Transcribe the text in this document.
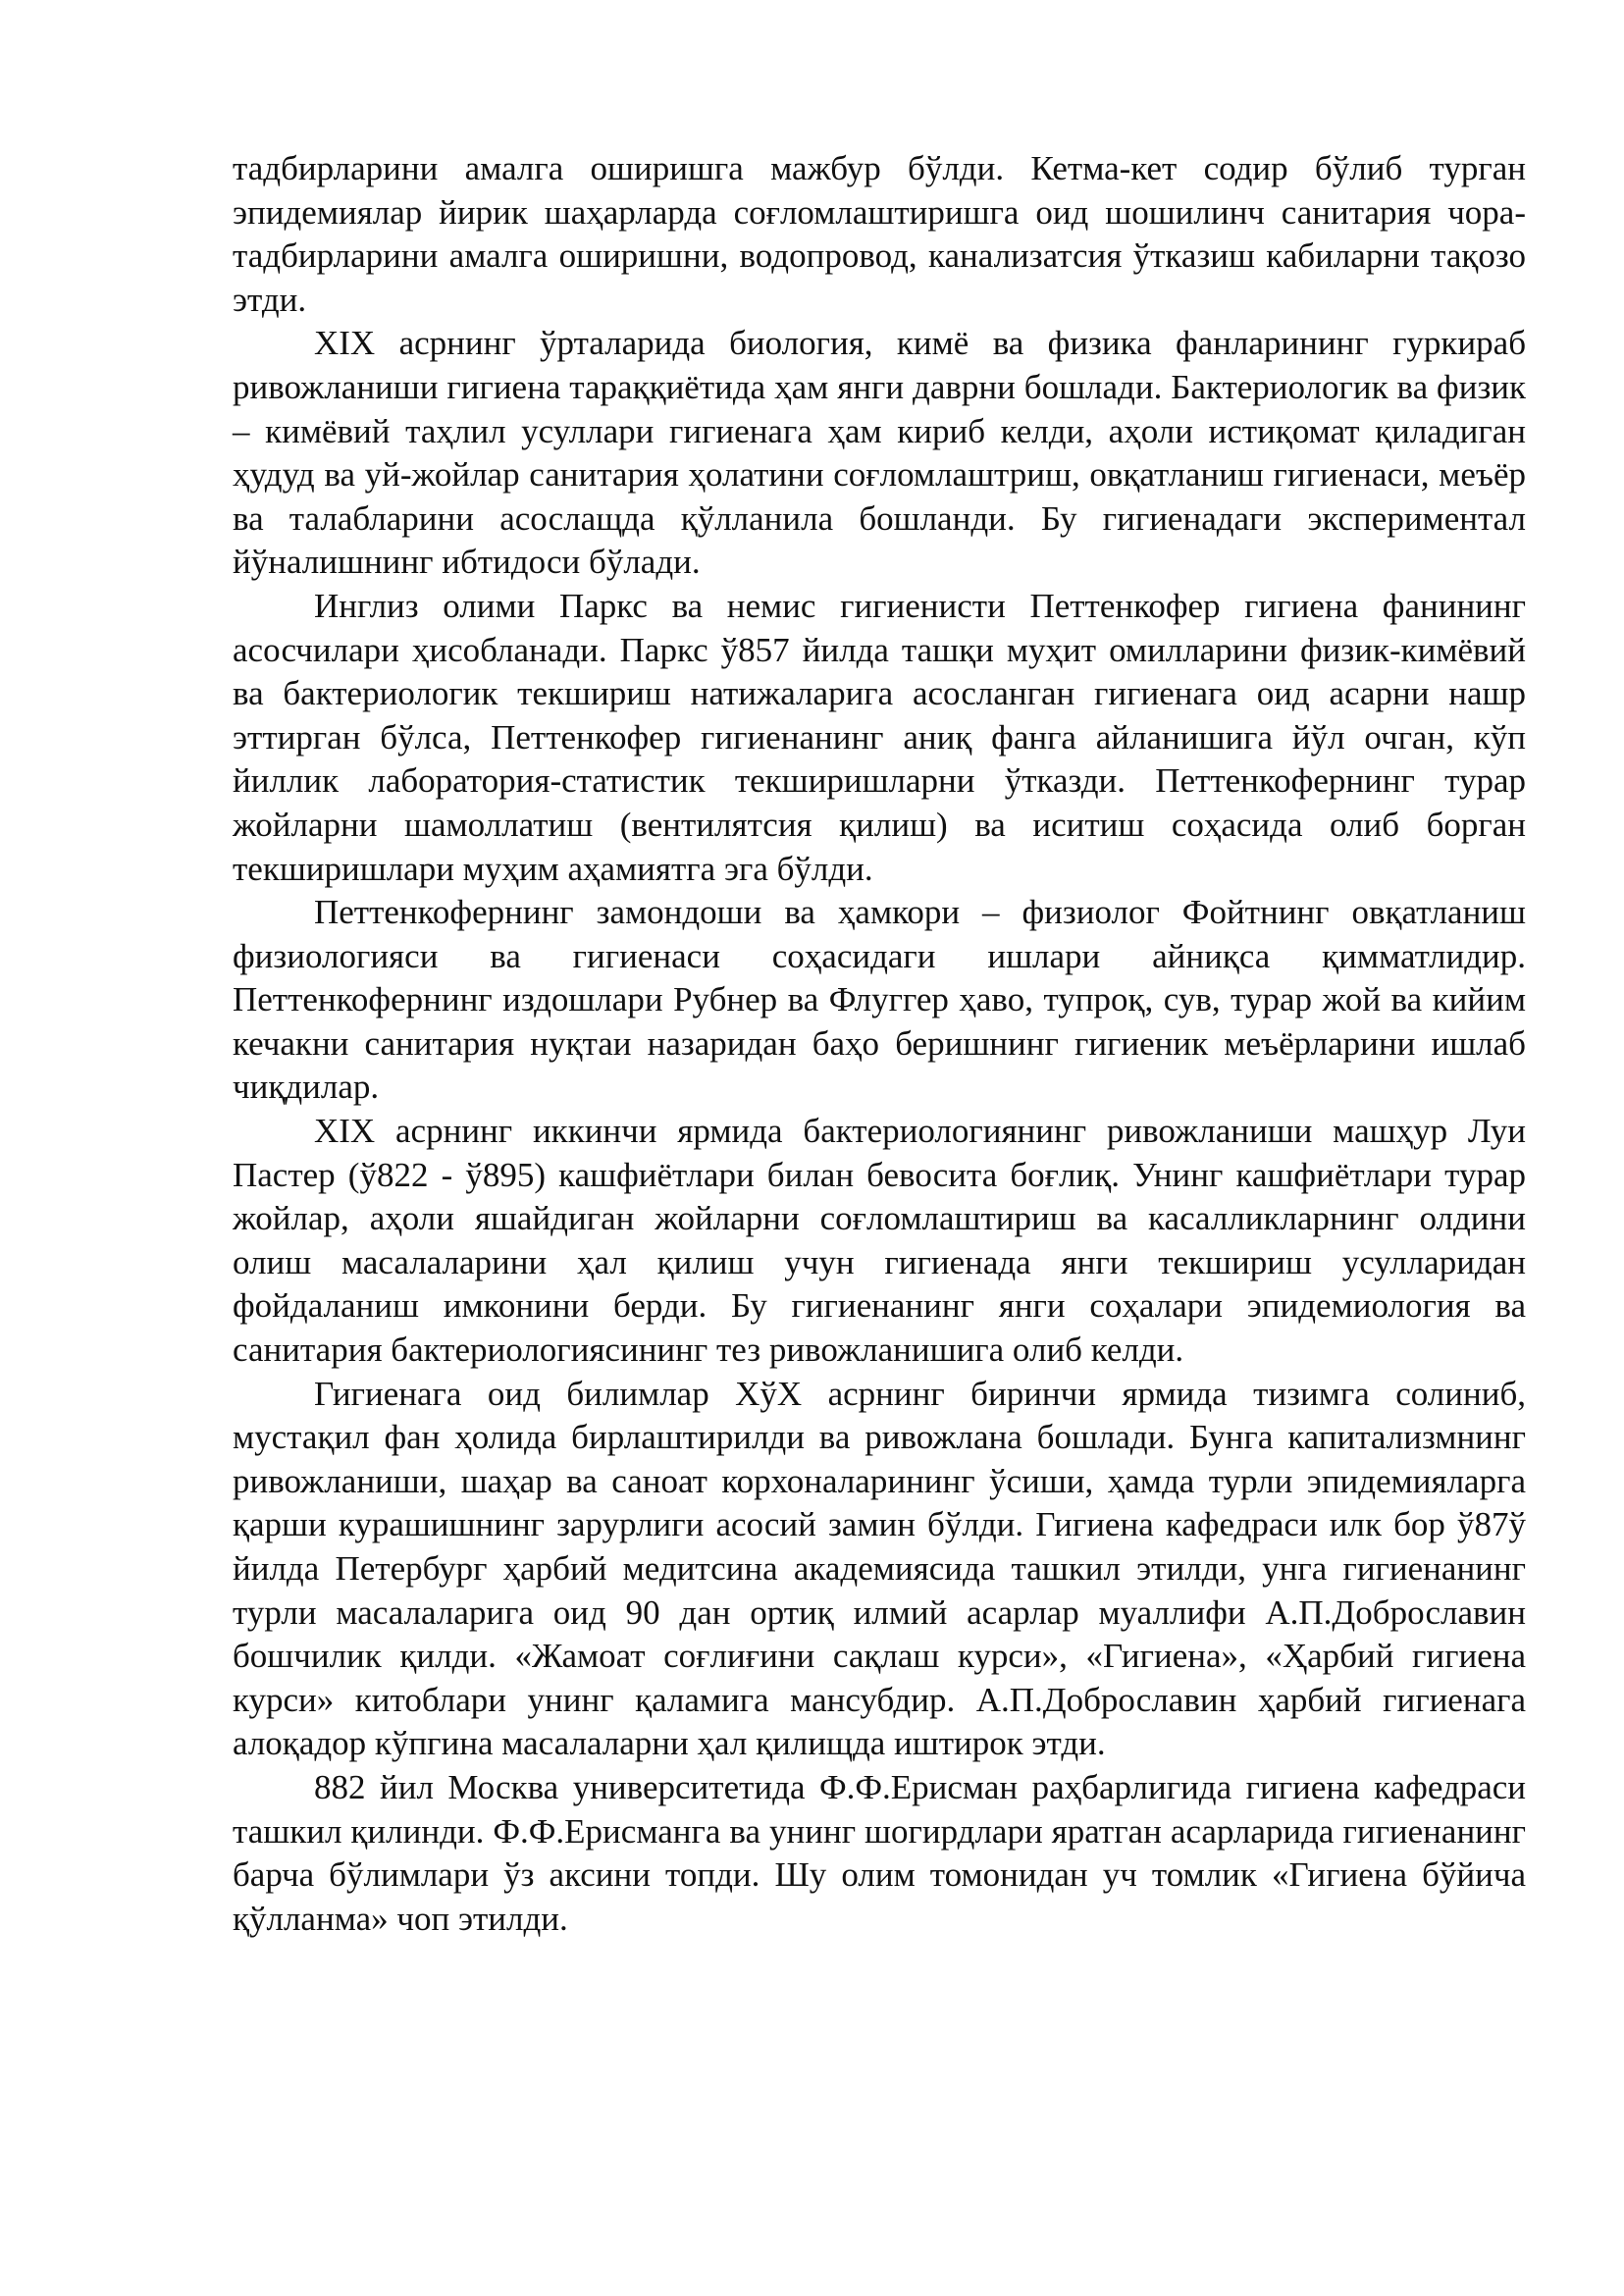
тадбирларини амалга оширишга мажбур бўлди. Кетма-кет содир бўлиб турган эпидемиялар йирик шаҳарларда соғломлаштиришга оид шошилинч санитария чора-тадбирларини амалга оширишни, водопровод, канализатсия ўтказиш кабиларни тақозо этди.

XIX асрнинг ўрталарида биология, кимё ва физика фанларининг гуркираб ривожланиши гигиена тараққиётида ҳам янги даврни бошлади. Бактериологик ва физик – кимёвий таҳлил усуллари гигиенага ҳам кириб келди, аҳоли истиқомат қиладиган ҳудуд ва уй-жойлар санитария ҳолатини соғломлаштриш, овқатланиш гигиенаси, меъёр ва талабларини асослащда қўлланила бошланди. Бу гигиенадаги экспериментал йўналишнинг ибтидоси бўлади.

Инглиз олими Паркс ва немис гигиенисти Петтенкофер гигиена фанининг асосчилари ҳисобланади. Паркс ў857 йилда ташқи муҳит омилларини физик-кимёвий ва бактериологик текшириш натижаларига асосланган гигиенага оид асарни нашр эттирган бўлса, Петтенкофер гигиенанинг аниқ фанга айланишига йўл очган, кўп йиллик лаборатория-статистик текширишларни ўтказди. Петтенкофернинг турар жойларни шамоллатиш (вентилятсия қилиш) ва иситиш соҳасида олиб борган текширишлари муҳим аҳамиятга эга бўлди.

Петтенкофернинг замондоши ва ҳамкори – физиолог Фойтнинг овқатланиш физиологияси ва гигиенаси соҳасидаги ишлари айниқса қимматлидир. Петтенкофернинг издошлари Рубнер ва Флуггер ҳаво, тупроқ, сув, турар жой ва кийим кечакни санитария нуқтаи назаридан баҳо беришнинг гигиеник меъёрларини ишлаб чиқдилар.

XIX асрнинг иккинчи ярмида бактериологиянинг ривожланиши машҳур Луи Пастер (ў822 - ў895) кашфиётлари билан бевосита боғлиқ. Унинг кашфиётлари турар жойлар, аҳоли яшайдиган жойларни соғломлаштириш ва касалликларнинг олдини олиш масалаларини ҳал қилиш учун гигиенада янги текшириш усулларидан фойдаланиш имконини берди. Бу гигиенанинг янги соҳалари эпидемиология ва санитария бактериологиясининг тез ривожланишига олиб келди.

Гигиенага оид билимлар ХўХ асрнинг биринчи ярмида тизимга солиниб, мустақил фан ҳолида бирлаштирилди ва ривожлана бошлади. Бунга капитализмнинг ривожланиши, шаҳар ва саноат корхоналарининг ўсиши, ҳамда турли эпидемияларга қарши курашишнинг зарурлиги асосий замин бўлди. Гигиена кафедраси илк бор ў87ў йилда Петербург ҳарбий медитсина академиясида ташкил этилди, унга гигиенанинг турли масалаларига оид 90 дан ортиқ илмий асарлар муаллифи А.П.Доброславин бошчилик қилди. «Жамоат соғлиғини сақлаш курси», «Гигиена», «Ҳарбий гигиена курси» китоблари унинг қаламига мансубдир. А.П.Доброславин ҳарбий гигиенага алоқадор кўпгина масалаларни ҳал қилищда иштирок этди.

882 йил Москва университетида Ф.Ф.Ерисман раҳбарлигида гигиена кафедраси ташкил қилинди. Ф.Ф.Ерисманга ва унинг шогирдлари яратган асарларида гигиенанинг барча бўлимлари ўз аксини топди. Шу олим томонидан уч томлик «Гигиена бўйича қўлланма» чоп этилди.
